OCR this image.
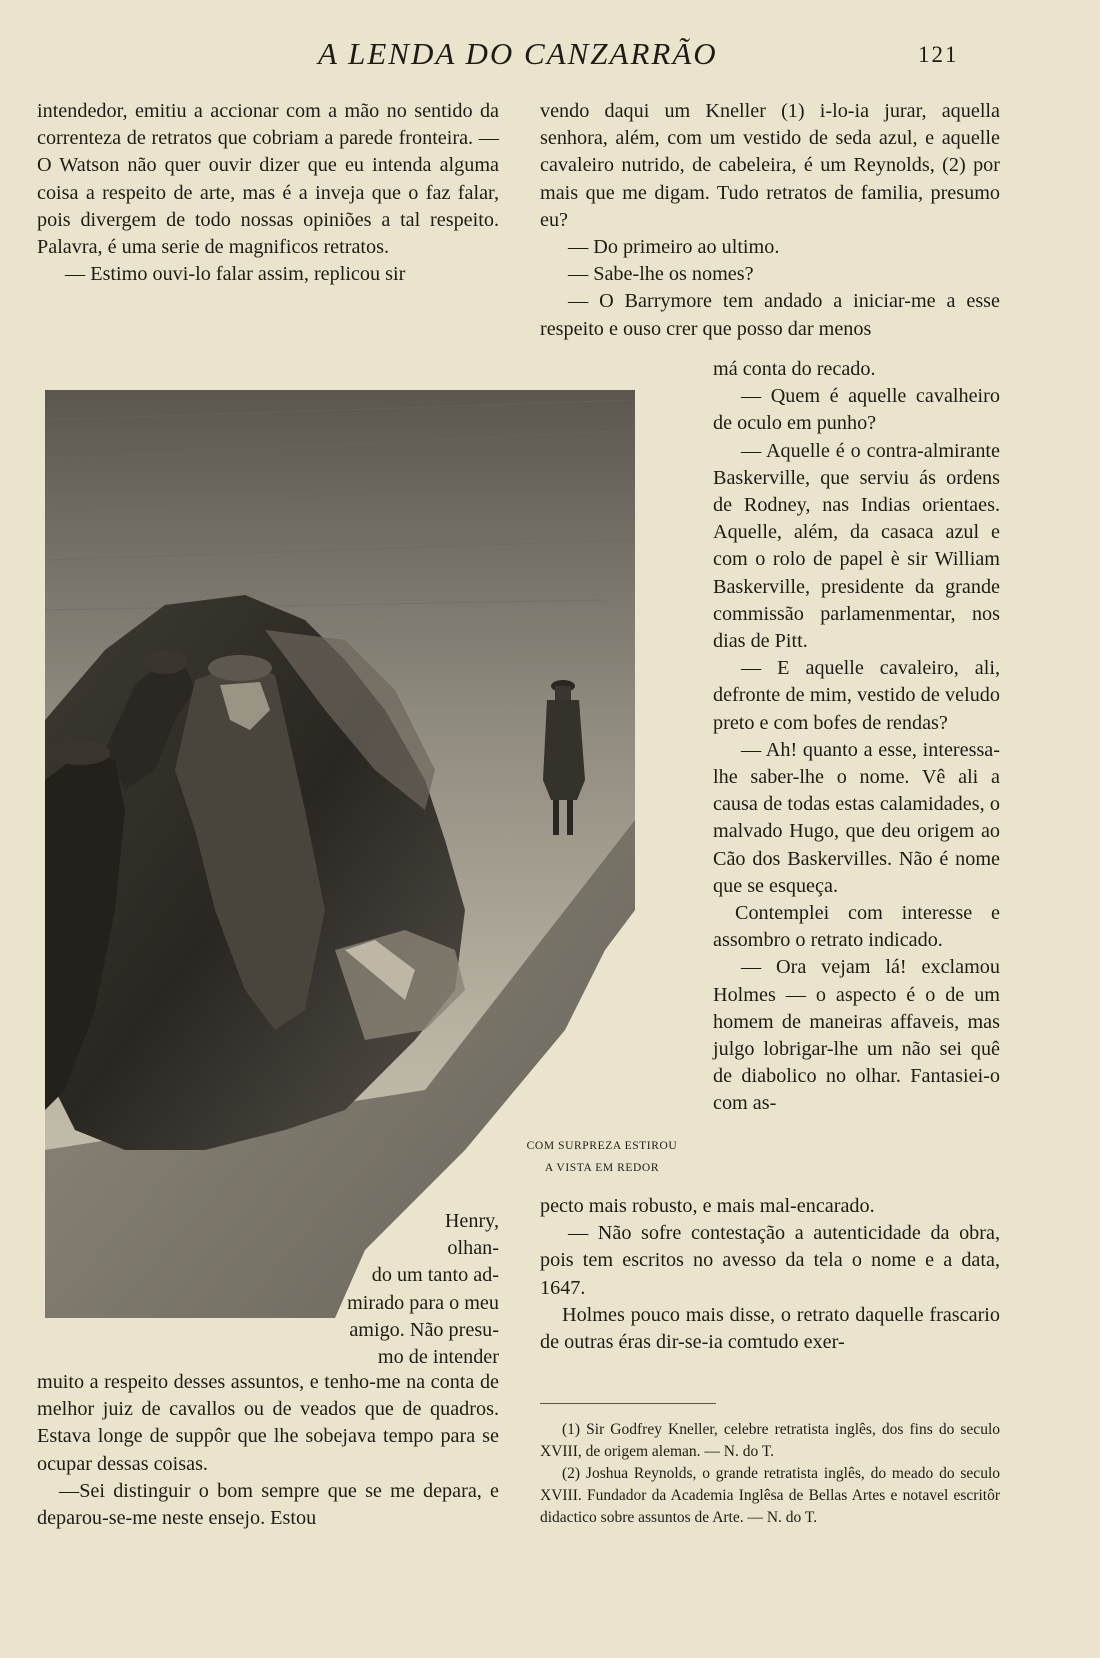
A LENDA DO CANZARRÃO	121

intendedor, emitiu a accionar com a mão no sentido da correnteza de retratos que cobriam a parede fronteira. — O Watson não quer ouvir dizer que eu intenda alguma coisa a respeito de arte, mas é a inveja que o faz falar, pois divergem de todo nossas opiniões a tal respeito. Palavra, é uma serie de magnificos retratos.

— Estimo ouvi-lo falar assim, replicou sir

COM SURPREZA ESTIROU
A VISTA EM REDOR
Henry,
olhan-
do um tanto ad-
mirado para o meu
amigo. Não presu-
mo de intender

muito a respeito desses assuntos, e tenho-me na conta de melhor juiz de cavallos ou de veados que de quadros. Estava longe de suppôr que lhe sobejava tempo para se ocupar dessas coisas.

—Sei distinguir o bom sempre que se me depara, e deparou-se-me neste ensejo. Estou

vendo daqui um Kneller (1) i-lo-ia jurar, aquella senhora, além, com um vestido de seda azul, e aquelle cavaleiro nutrido, de cabeleira, é um Reynolds, (2) por mais que me digam. Tudo retratos de familia, presumo eu?

— Do primeiro ao ultimo.

— Sabe-lhe os nomes?

— O Barrymore tem andado a iniciar-me a esse respeito e ouso crer que posso dar menos

má conta do recado.

— Quem é aquelle cavalheiro de oculo em punho?

— Aquelle é o contra-almirante Baskerville, que serviu ás ordens de Rodney, nas Indias orientaes. Aquelle, além, da casaca azul e com o rolo de papel è sir William Baskerville, presidente da grande commissão parlamenmentar, nos dias de Pitt.

— E aquelle cavaleiro, ali, defronte de mim, vestido de veludo preto e com bofes de rendas?

— Ah! quanto a esse, interessa-lhe saber-lhe o nome. Vê ali a causa de todas estas calamidades, o malvado Hugo, que deu origem ao Cão dos Baskervilles. Não é nome que se esqueça.

Contemplei com interesse e assombro o retrato indicado.

— Ora vejam lá! exclamou Holmes — o aspecto é o de um homem de maneiras affaveis, mas julgo lobrigar-lhe um não sei quê de diabolico no olhar. Fantasiei-o com as-

pecto mais robusto, e mais mal-encarado.

— Não sofre contestação a autenticidade da obra, pois tem escritos no avesso da tela o nome e a data, 1647.

Holmes pouco mais disse, o retrato daquelle frascario de outras éras dir-se-ia comtudo exer-

(1) Sir Godfrey Kneller, celebre retratista inglês, dos fins do seculo XVIII, de origem aleman. — N. do T.

(2) Joshua Reynolds, o grande retratista inglês, do meado do seculo XVIII. Fundador da Academia Inglêsa de Bellas Artes e notavel escritôr didactico sobre assuntos de Arte. — N. do T.
